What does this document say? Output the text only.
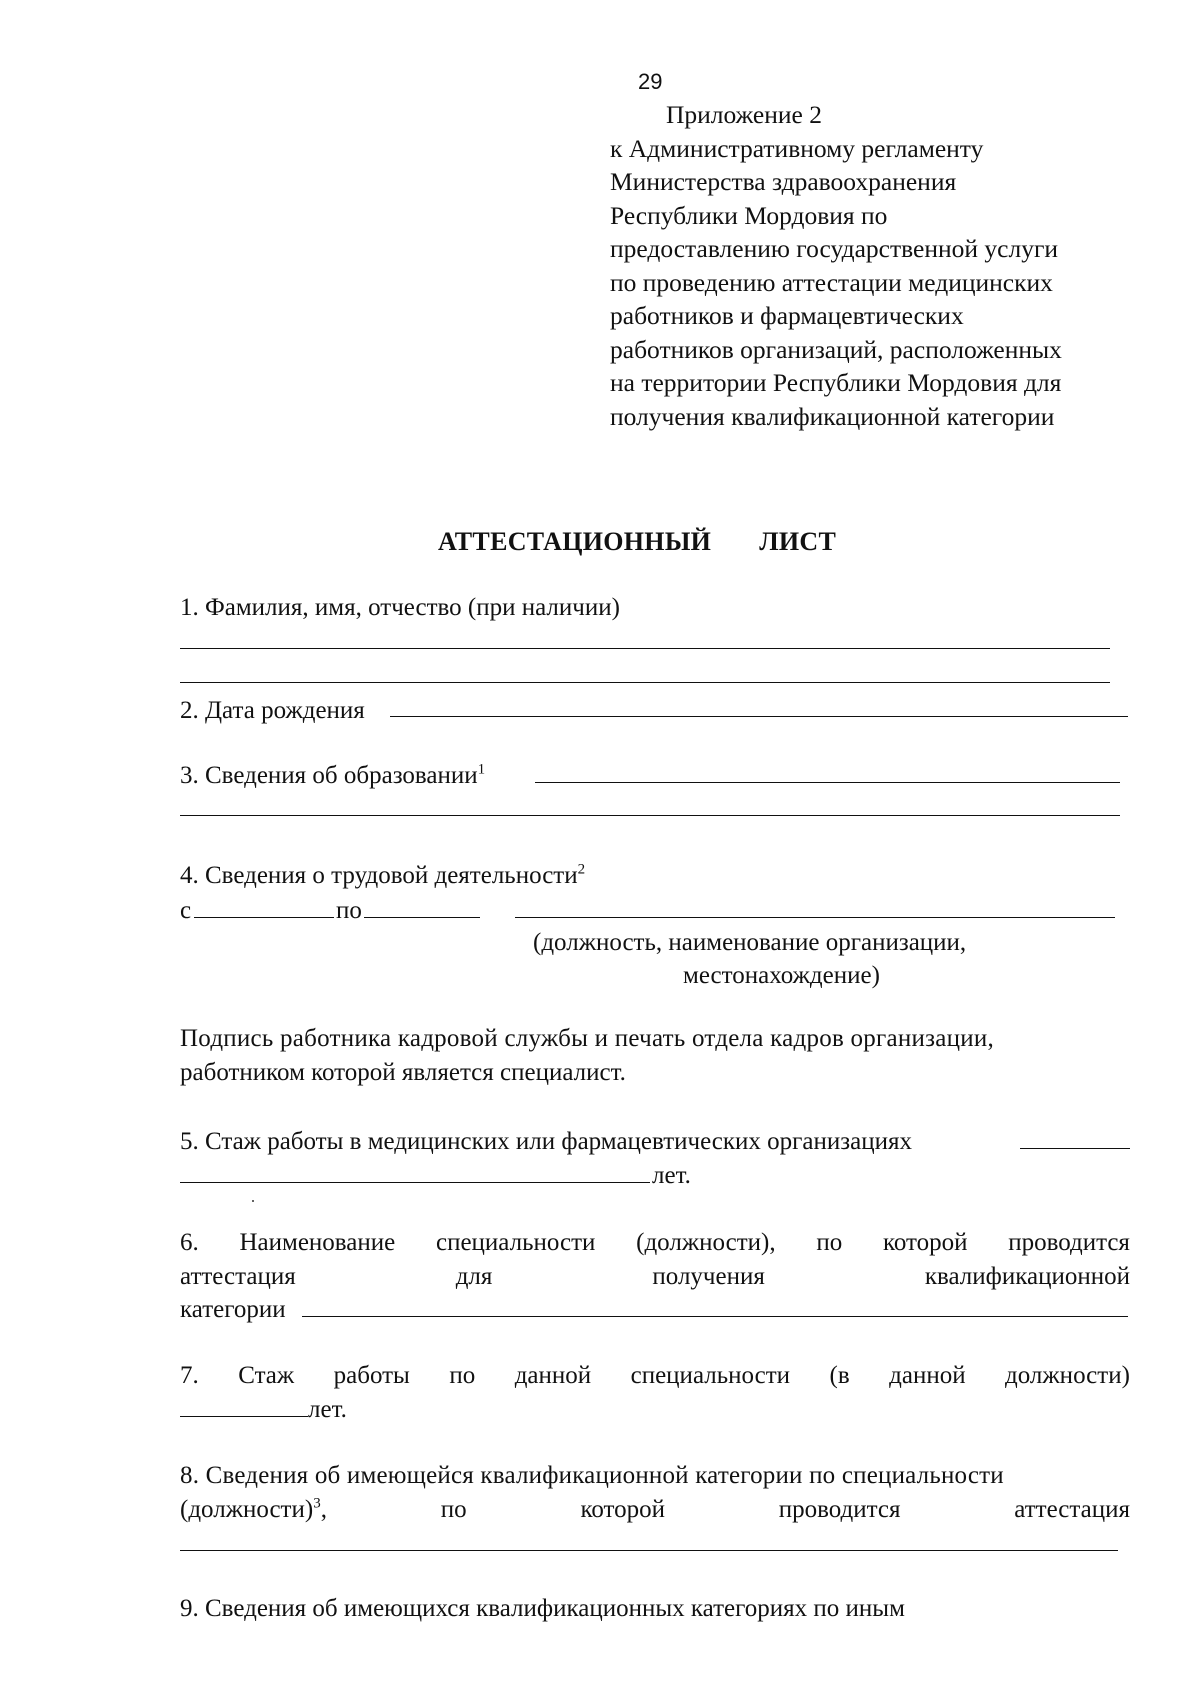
29
Приложение 2
к Административному регламенту
Министерства здравоохранения
Республики Мордовия по
предоставлению государственной услуги
по проведению аттестации медицинских
работников и фармацевтических
работников организаций, расположенных
на территории Республики Мордовия для
получения квалификационной категории
АТТЕСТАЦИОННЫЙ ЛИСТ
1. Фамилия, имя, отчество (при наличии)
2. Дата рождения
3. Сведения об образовании$^1$
4. Сведения о трудовой деятельности$^2$
с	по
(должность, наименование организации,
местонахождение)
Подпись работника кадровой службы и печать отдела кадров организации,
работником которой является специалист.
5. Стаж работы в медицинских или фармацевтических организациях
лет.
6. Наименование специальности (должности), по которой проводится
аттестация	для	получения	квалификационной
категории
7. Стаж работы по данной специальности (в данной должности)
лет.
8. Сведения об имеющейся квалификационной категории по специальности
(должности)$^3$,	по	которой	проводится	аттестация
9. Сведения об имеющихся квалификационных категориях по иным
